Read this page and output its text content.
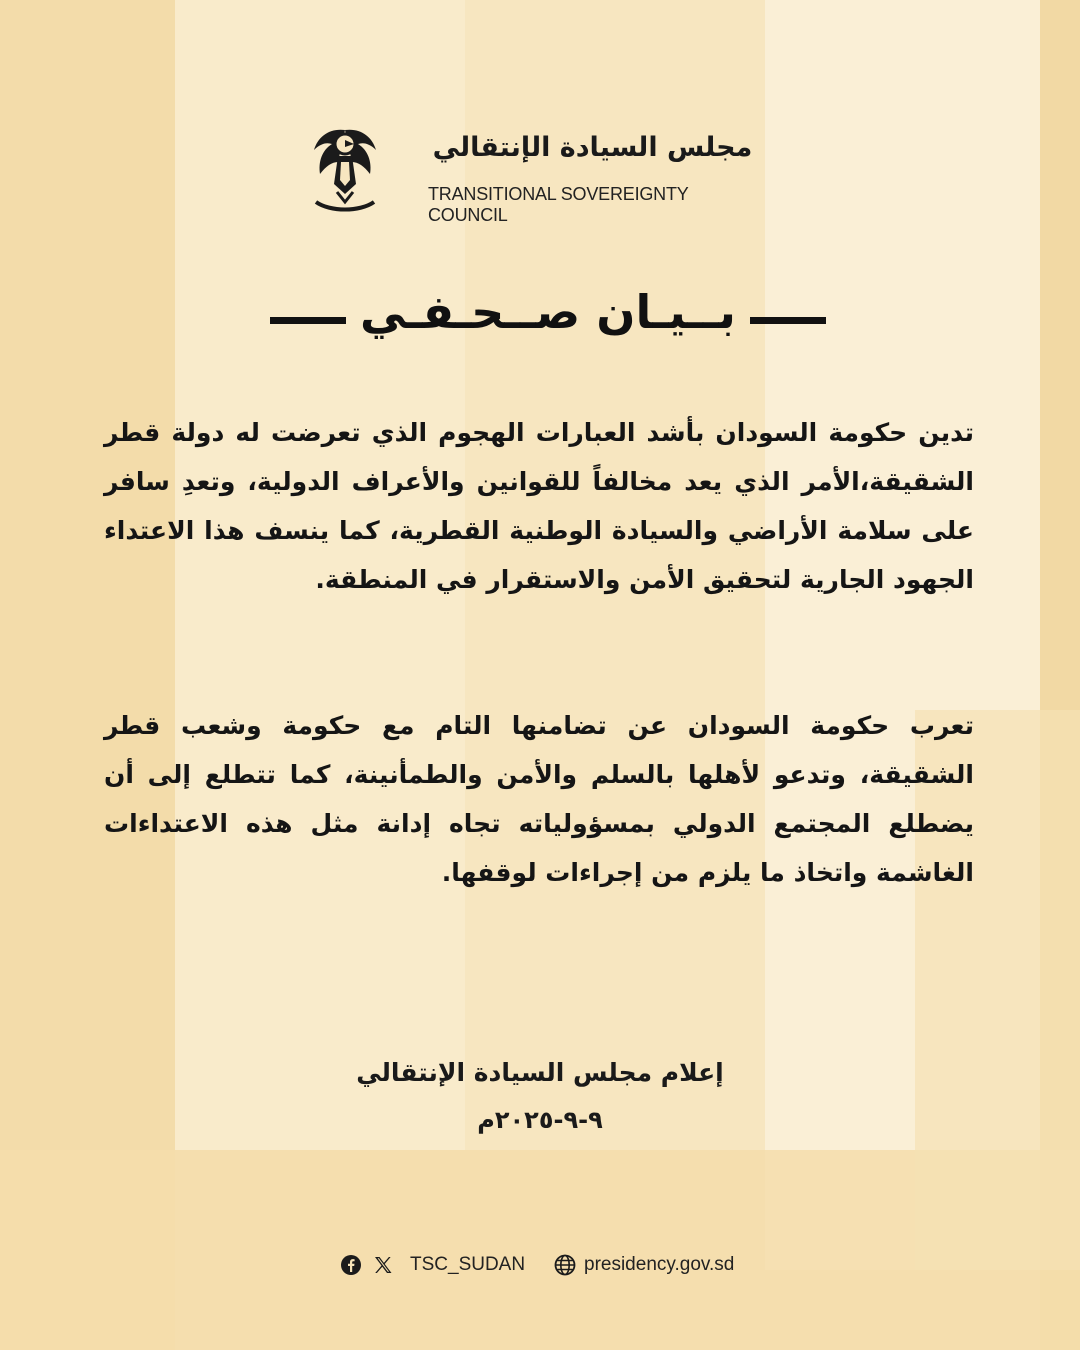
مجلس السيادة الإنتقالي
TRANSITIONAL SOVEREIGNTY COUNCIL
بــيـان صــحـفـي
تدين حكومة السودان بأشد العبارات الهجوم الذي تعرضت له دولة قطر الشقيقة،الأمر الذي يعد مخالفاً للقوانين والأعراف الدولية، وتعدِ سافر على سلامة الأراضي والسيادة الوطنية القطرية، كما ينسف هذا الاعتداء الجهود الجارية لتحقيق الأمن والاستقرار في المنطقة.
تعرب حكومة السودان عن تضامنها التام مع حكومة وشعب قطر الشقيقة، وتدعو لأهلها بالسلم والأمن والطمأنينة، كما تتطلع إلى أن يضطلع المجتمع الدولي بمسؤولياته تجاه إدانة مثل هذه الاعتداءات الغاشمة واتخاذ ما يلزم من إجراءات لوقفها.
إعلام مجلس السيادة الإنتقالي
٩-٩-٢٠٢٥م
TSC_SUDAN	presidency.gov.sd
